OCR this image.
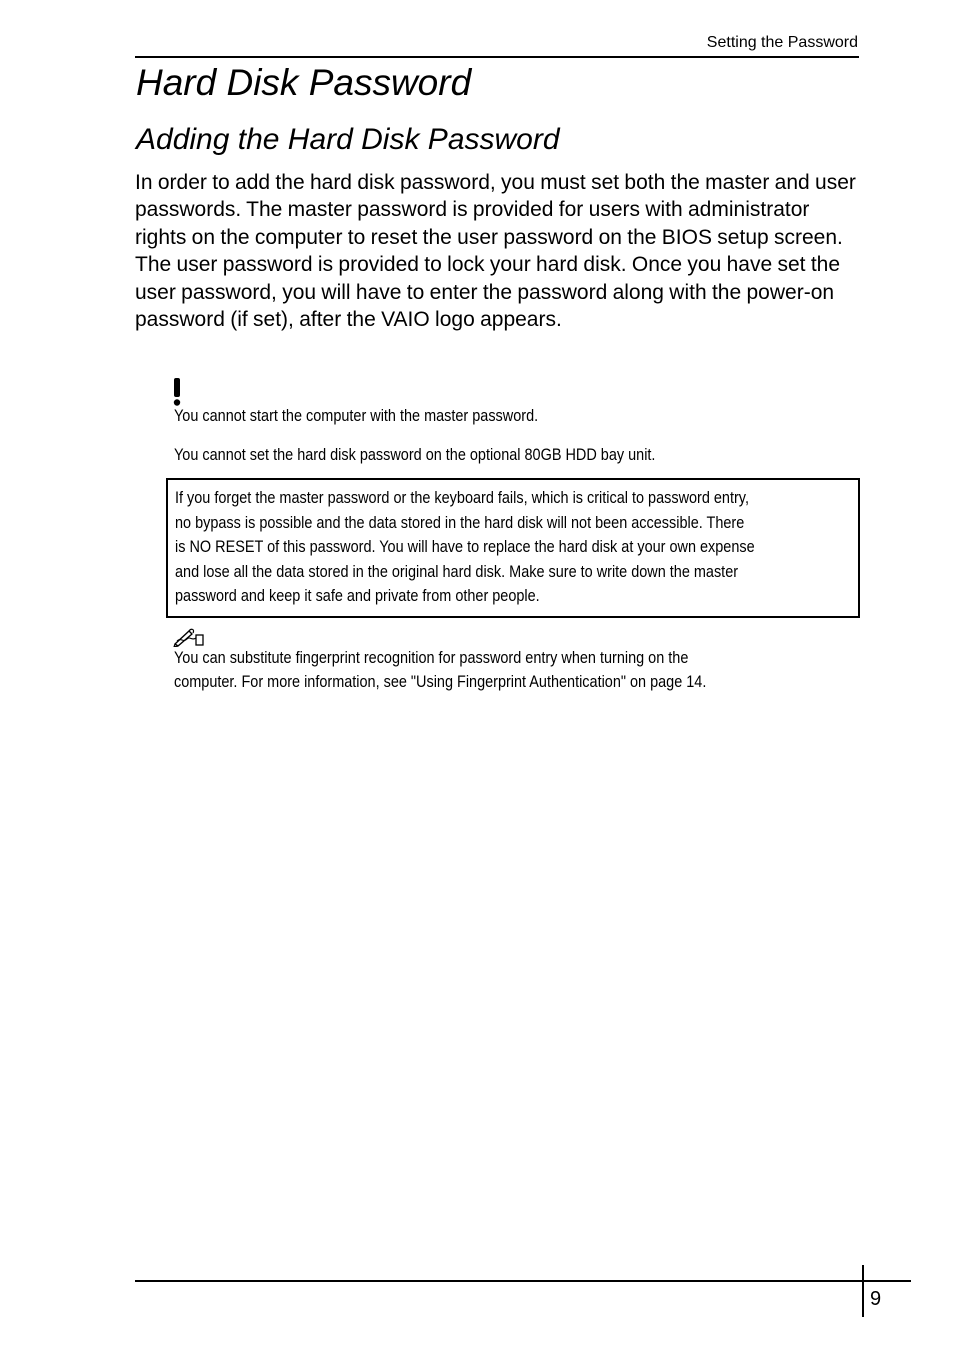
Setting the Password
Hard Disk Password
Adding the Hard Disk Password

In order to add the hard disk password, you must set both the master and user passwords. The master password is provided for users with administrator rights on the computer to reset the user password on the BIOS setup screen. The user password is provided to lock your hard disk. Once you have set the user password, you will have to enter the password along with the power-on password (if set), after the VAIO logo appears.

You cannot start the computer with the master password.

You cannot set the hard disk password on the optional 80GB HDD bay unit.

If you forget the master password or the keyboard fails, which is critical to password entry,
no bypass is possible and the data stored in the hard disk will not been accessible. There
is NO RESET of this password. You will have to replace the hard disk at your own expense
and lose all the data stored in the original hard disk. Make sure to write down the master
password and keep it safe and private from other people.

You can substitute fingerprint recognition for password entry when turning on the
computer. For more information, see "Using Fingerprint Authentication" on page 14.

9
